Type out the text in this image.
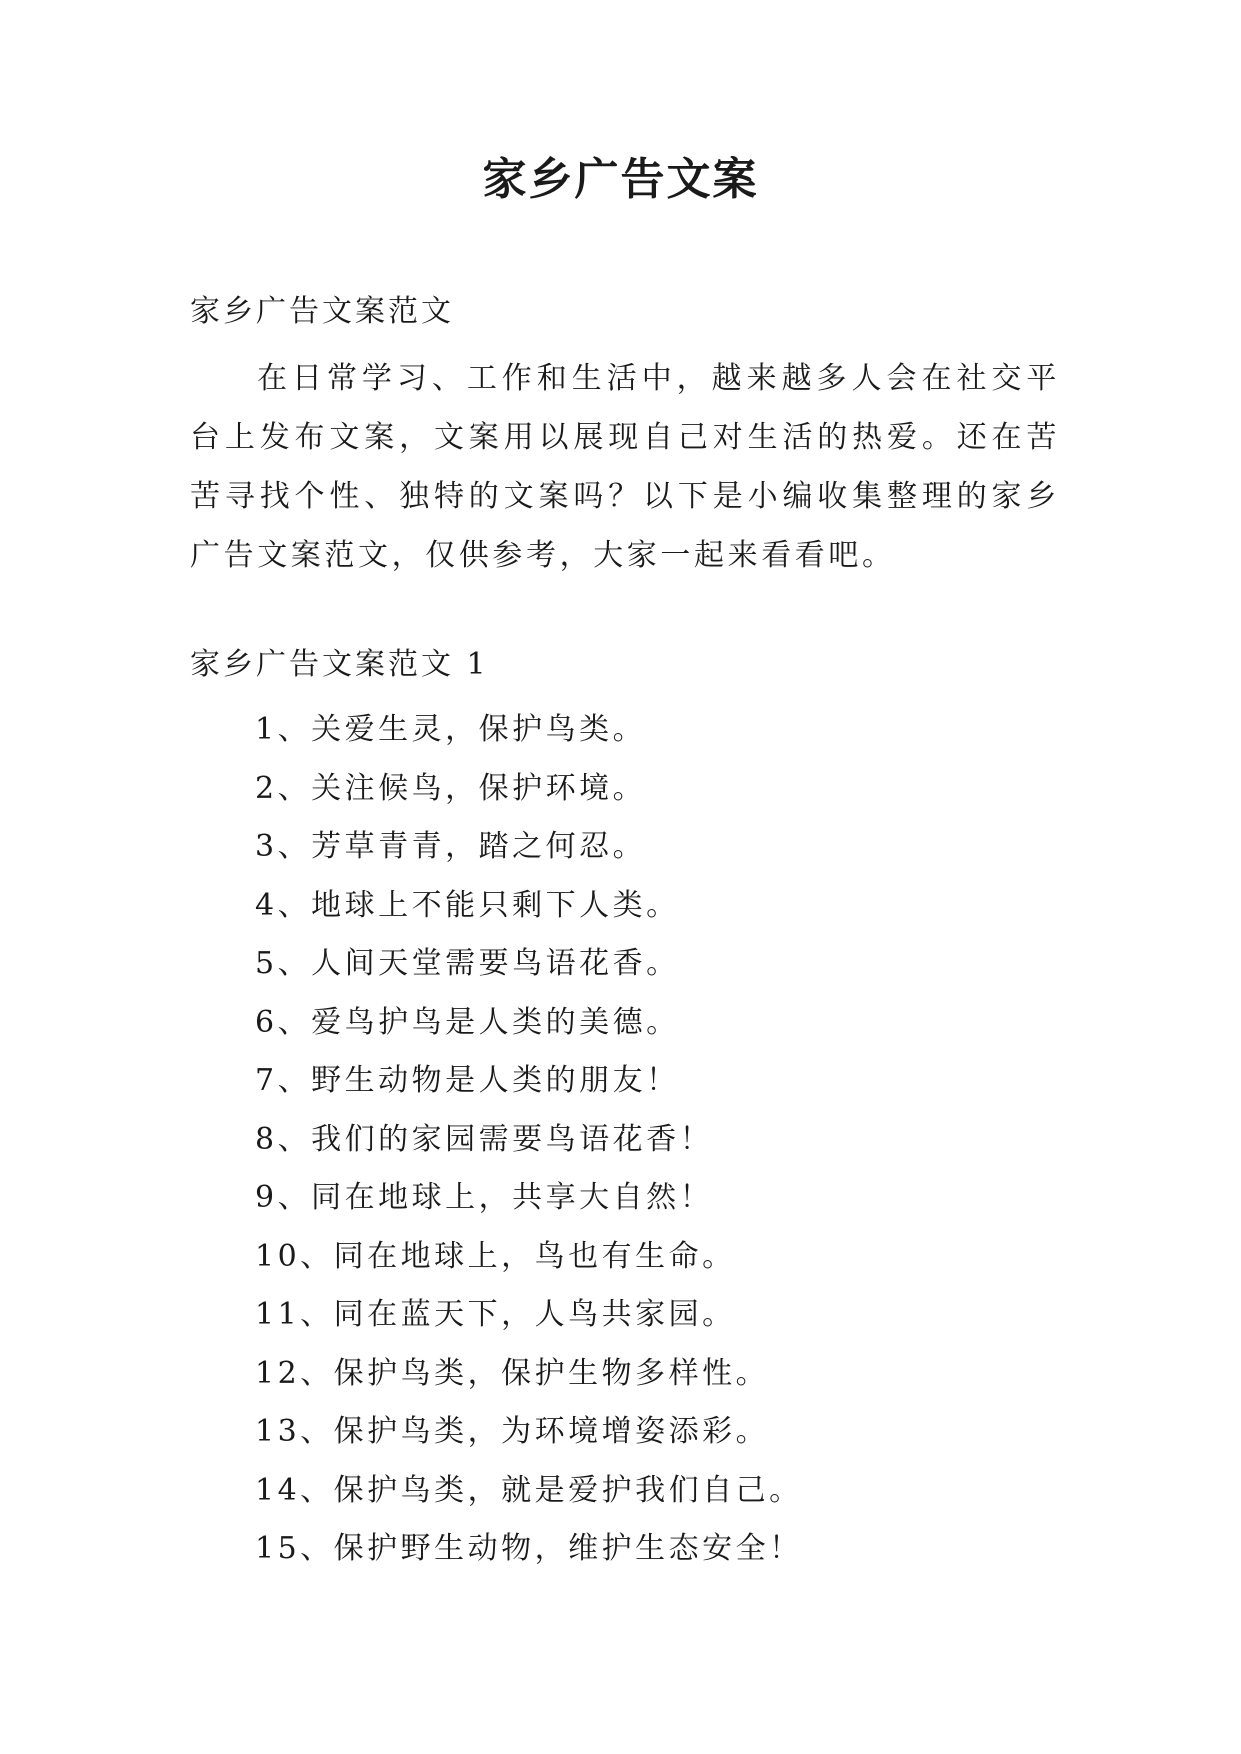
家乡广告文案

家乡广告文案范文

在日常学习、工作和生活中，越来越多人会在社交平台上发布文案，文案用以展现自己对生活的热爱。还在苦苦寻找个性、独特的文案吗？以下是小编收集整理的家乡广告文案范文，仅供参考，大家一起来看看吧。

家乡广告文案范文 1

1、关爱生灵，保护鸟类。
2、关注候鸟，保护环境。
3、芳草青青，踏之何忍。
4、地球上不能只剩下人类。
5、人间天堂需要鸟语花香。
6、爱鸟护鸟是人类的美德。
7、野生动物是人类的朋友！
8、我们的家园需要鸟语花香！
9、同在地球上，共享大自然！
10、同在地球上，鸟也有生命。
11、同在蓝天下，人鸟共家园。
12、保护鸟类，保护生物多样性。
13、保护鸟类，为环境增姿添彩。
14、保护鸟类，就是爱护我们自己。
15、保护野生动物，维护生态安全！
